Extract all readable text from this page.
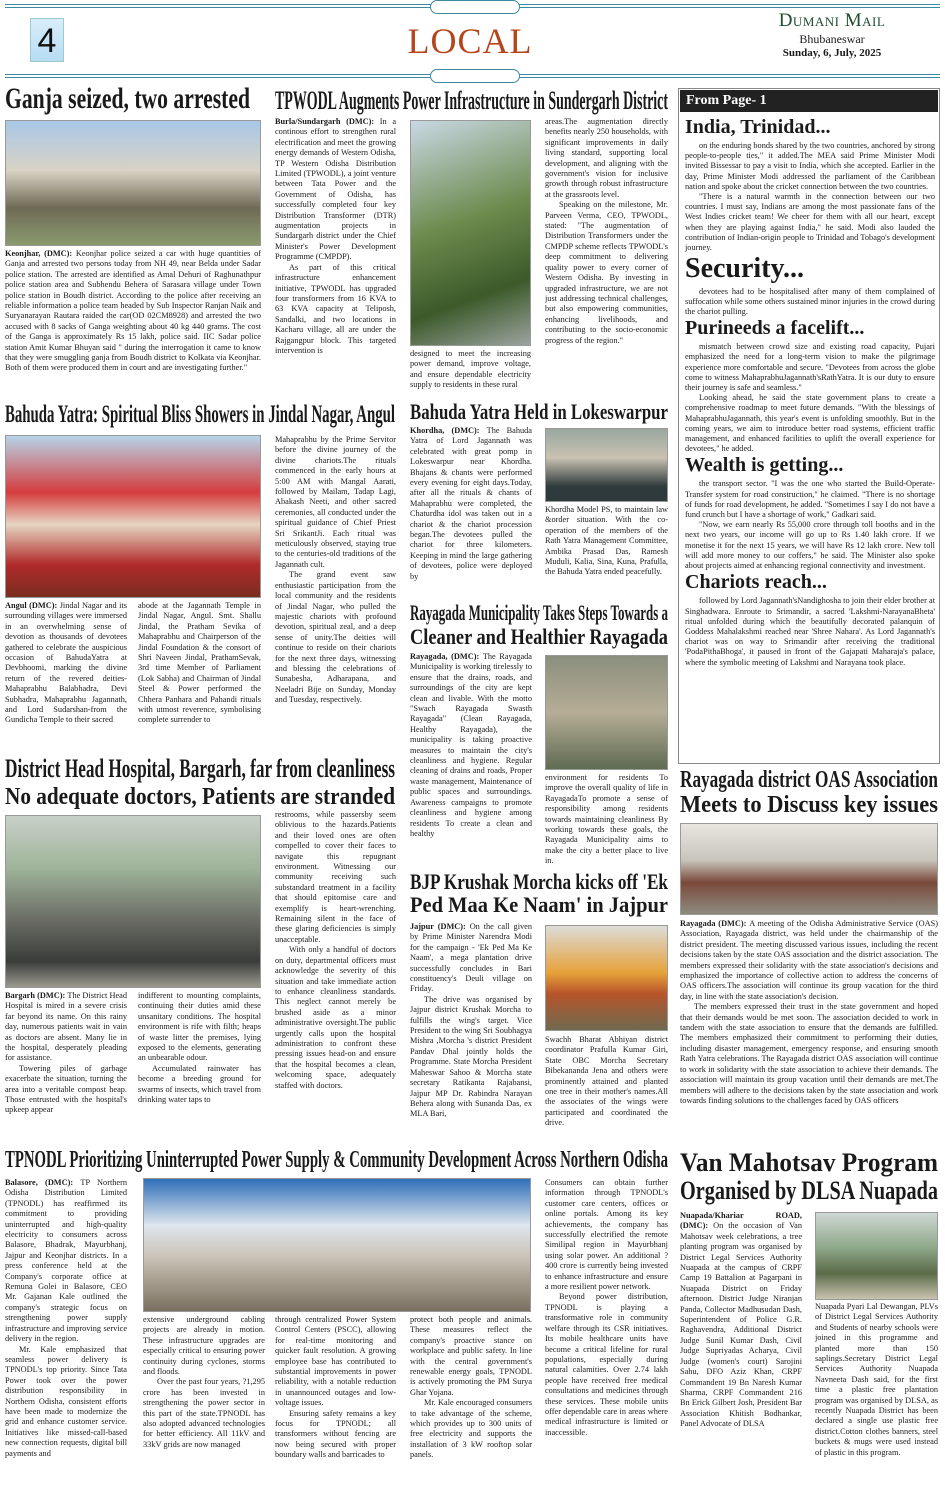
4	LOCAL
Dumani Mail
Bhubaneswar
Sunday, 6, July, 2025
Ganja seized, two arrested

Keonjhar, (DMC): Keonjhar police seized a car with huge quantities of Ganja and arrested two persons today from NH 49, near Belda under Sadar police station. The arrested are identified as Amal Dehuri of Raghunathpur police station area and Subhendu Behera of Sarasara village under Town police station in Boudh district. According to the police after receiving an reliable information a police team headed by Sub Inspector Ranjan Naik and Suryanarayan Rautara raided the car(OD 02CM8928) and arrested the two accused with 8 sacks of Ganga weighting about 40 kg 440 grams. The cost of the Ganga is approximately Rs 15 lakh, police said. IIC Sadar police station Amit Kumar Bhuyan said " during the interrogation it came to know that they were smuggling ganja from Boudh district to Kolkata via Keonjhar. Both of them were produced them in court and are investigating further."

TPWODL Augments Power Infrastructure in Sundergarh District

Burla/Sundargarh (DMC): In a continous effort to strengthen rural electrification and meet the growing energy demands of Western Odisha, TP Western Odisha Distribution Limited (TPWODL), a joint venture between Tata Power and the Government of Odisha, has successfully completed four key Distribution Transformer (DTR) augmentation projects in Sundargarh district under the Chief Minister's Power Development Programme (CMPDP).

As part of this critical infrastructure enhancement initiative, TPWODL has upgraded four transformers from 16 KVA to 63 KVA capacity at Teliposh, Sandalki, and two locations in Kacharu village, all are under the Rajgangpur block. This targeted intervention is	designed to meet the increasing power demand, improve voltage, and ensure dependable electricity supply to residents in these rural

areas.The augmentation directly benefits nearly 250 households, with significant improvements in daily living standard, supporting local development, and aligning with the government's vision for inclusive growth through robust infrastructure at the grassroots level.

Speaking on the milestone, Mr. Parveen Verma, CEO, TPWODL, stated: "The augmentation of Distribution Transformers under the CMPDP scheme reflects TPWODL's deep commitment to delivering quality power to every corner of Western Odisha. By investing in upgraded infrastructure, we are not just addressing technical challenges, but also empowering communities, enhancing livelihoods, and contributing to the socio-economic progress of the region."

From Page- 1
India, Trinidad...

on the enduring bonds shared by the two countries, anchored by strong people-to-people ties," it added.The MEA said Prime Minister Modi invited Bissessar to pay a visit to India, which she accepted. Earlier in the day, Prime Minister Modi addressed the parliament of the Caribbean nation and spoke about the cricket connection between the two countries.

"There is a natural warmth in the connection between our two countries. I must say, Indians are among the most passionate fans of the West Indies cricket team! We cheer for them with all our heart, except when they are playing against India," he said. Modi also lauded the contribution of Indian-origin people to Trinidad and Tobago's development journey.

Security...

devotees had to be hospitalised after many of them complained of suffocation while some others sustained minor injuries in the crowd during the chariot pulling.

Purineeds a facelift...

mismatch between crowd size and existing road capacity, Pujari emphasized the need for a long-term vision to make the pilgrimage experience more comfortable and secure. "Devotees from across the globe come to witness MahaprabhuJagannath'sRathYatra. It is our duty to ensure their journey is safe and seamless."

Looking ahead, he said the state government plans to create a comprehensive roadmap to meet future demands. "With the blessings of MahaprabhuJagannath, this year's event is unfolding smoothly. But in the coming years, we aim to introduce better road systems, efficient traffic management, and enhanced facilities to uplift the overall experience for devotees," he added.

Wealth is getting...

the transport sector. "I was the one who started the Build-Operate-Transfer system for road construction," he claimed. "There is no shortage of funds for road development, he added. "Sometimes I say I do not have a fund crunch but I have a shortage of work," Gadkari said.

"Now, we earn nearly Rs 55,000 crore through toll booths and in the next two years, our income will go up to Rs 1.40 lakh crore. If we monetise it for the next 15 years, we will have Rs 12 lakh crore. New toll will add more money to our coffers," he said. The Minister also spoke about projects aimed at enhancing regional connectivity and investment.

Chariots reach...

followed by Lord Jagannath'sNandighosha to join their elder brother at Singhadwara. Enroute to Srimandir, a sacred 'Lakshmi-NarayanaBheta' ritual unfolded during which the beautifully decorated palanquin of Goddess Mahalakshmi reached near 'Shree Nahara'. As Lord Jagannath's chariot was on way to Srimandir after receiving the traditional 'PodaPithaBhoga', it paused in front of the Gajapati Maharaja's palace, where the symbolic meeting of Lakshmi and Narayana took place.

Bahuda Yatra: Spiritual Bliss Showers in Jindal Nagar, Angul

Angul (DMC): Jindal Nagar and its surrounding villages were immersed in an overwhelming sense of devotion as thousands of devotees gathered to celebrate the auspicious occasion of BahudaYatra at Devbhoomi, marking the divine return of the revered deities-Mahaprabhu Balabhadra, Devi Subhadra, Mahaprabhu Jagannath, and Lord Sudarshan-from the Gundicha Temple to their sacred

abode at the Jagannath Temple in Jindal Nagar, Angul. Smt. Shallu Jindal, the Pratham Sevika of Mahaprabhu and Chairperson of the Jindal Foundation & the consort of Shri Naveen Jindal, PrathamSevak, 3rd time Member of Parliament (Lok Sabha) and Chairman of Jindal Steel & Power performed the Chhera Panhara and Pahandi rituals with utmost reverence, symbolising complete surrender to

Mahaprabhu by the Prime Servitor before the divine journey of the divine chariots.The rituals commenced in the early hours at 5:00 AM with Mangal Aarati, followed by Mailam, Tadap Lagi, Abakash Neeti, and other sacred ceremonies, all conducted under the spiritual guidance of Chief Priest Sri SrikantJi. Each ritual was meticulously observed, staying true to the centuries-old traditions of the Jagannath cult.

The grand event saw enthusiastic participation from the local community and the residents of Jindal Nagar, who pulled the majestic chariots with profound devotion, spiritual zeal, and a deep sense of unity.The deities will continue to reside on their chariots for the next three days, witnessing and blessing the celebrations of Sunabesha, Adharapana, and Neeladri Bije on Sunday, Monday and Tuesday, respectively.

Bahuda Yatra Held in Lokeswarpur

Khordha, (DMC): The Bahuda Yatra of Lord Jagannath was celebrated with great pomp in Lokeswarpur near Khordha. Bhajans & chants were performed every evening for eight days.Today, after all the rituals & chants of Mahaprabhu were completed, the Chaturdha idol was taken out in a chariot & the chariot procession began.The devotees pulled the chariot for three kilometers. Keeping in mind the large gathering of devotees, police were deployed by

Khordha Model PS, to maintain law &order situation. With the co-operation of the members of the Rath Yatra Management Committee, Ambika Prasad Das, Ramesh Muduli, Kalia, Sina, Kuna, Prafulla, the Bahuda Yatra ended peacefully.

Rayagada Municipality Takes Steps Towards a
Cleaner and Healthier Rayagada

Rayagada, (DMC): The Rayagada Municipality is working tirelessly to ensure that the drains, roads, and surroundings of the city are kept clean and livable. With the motto "Swach Rayagada Swasth Rayagada" (Clean Rayagada, Healthy Rayagada), the municipality is taking proactive measures to maintain the city's cleanliness and hygiene. Regular cleaning of drains and roads, Proper waste management, Maintenance of public spaces and surroundings. Awareness campaigns to promote cleanliness and hygiene among residents To create a clean and healthy

environment for residents To improve the overall quality of life in RayagadaTo promote a sense of responsibility among residents towards maintaining cleanliness By working towards these goals, the Rayagada Municipality aims to make the city a better place to live in.

District Head Hospital, Bargarh, far from cleanliness
No adequate doctors, Patients are stranded

Bargarh (DMC): The District Head Hospital is mired in a severe crisis far beyond its name. On this rainy day, numerous patients wait in vain as doctors are absent. Many lie in the hospital, desperately pleading for assistance.

Towering piles of garbage exacerbate the situation, turning the area into a veritable compost heap. Those entrusted with the hospital's upkeep appear

indifferent to mounting complaints, continuing their duties amid these unsanitary conditions. The hospital environment is rife with filth; heaps of waste litter the premises, lying exposed to the elements, generating an unbearable odour.

Accumulated rainwater has become a breeding ground for swarms of insects, which travel from drinking water taps to

restrooms, while passersby seem oblivious to the hazards.Patients and their loved ones are often compelled to cover their faces to navigate this repugnant environment. Witnessing our community receiving such substandard treatment in a facility that should epitomise care and exemplify is heart-wrenching. Remaining silent in the face of these glaring deficiencies is simply unacceptable.

With only a handful of doctors on duty, departmental officers must acknowledge the severity of this situation and take immediate action to enhance cleanliness standards. This neglect cannot merely be brushed aside as a minor administrative oversight.The public urgently calls upon the hospital administration to confront these pressing issues head-on and ensure that the hospital becomes a clean, welcoming space, adequately staffed with doctors.

BJP Krushak Morcha kicks off 'Ek
Ped Maa Ke Naam' in Jajpur

Jajpur (DMC): On the call given by Prime Minister Narendra Modi for the campaign - 'Ek Ped Ma Ke Naam', a mega plantation drive successfully concludes in Bari constituency's Deuli village on Friday.

The drive was organised by Jajpur district Krushak Morcha to fulfills the wing's target. Vice President to the wing Sri Soubhagya Mishra ,Morcha 's district President Pandav Dhal jointly holds the Programme. State Morcha President Maheswar Sahoo & Morcha state secretary Ratikanta Rajabansi, Jajpur MP Dr. Rabindra Narayan Behera along with Sunanda Das, ex MLA Bari,

Swachh Bharat Abhiyan district coordinator Prafulla Kumar Giri, State OBC Morcha Secretary Bibekananda Jena and others were prominently attained and planted one tree in their mother's names.All the associates of the wings were participated and coordinated the drive.

Rayagada district OAS Association
Meets to Discuss key issues

Rayagada (DMC): A meeting of the Odisha Administrative Service (OAS) Association, Rayagada district, was held under the chairmanship of the district president. The meeting discussed various issues, including the recent decisions taken by the state OAS association and the district association. The members expressed their solidarity with the state association's decisions and emphasized the importance of collective action to address the concerns of OAS officers.The association will continue its group vacation for the third day, in line with the state association's decision.

The members expressed their trust in the state government and hoped that their demands would be met soon. The association decided to work in tandem with the state association to ensure that the demands are fulfilled. The members emphasized their commitment to performing their duties, including disaster management, emergency response, and ensuring smooth Rath Yatra celebrations. The Rayagada district OAS association will continue to work in solidarity with the state association to achieve their demands. The association will maintain its group vacation until their demands are met.The members will adhere to the decisions taken by the state association and work towards finding solutions to the challenges faced by OAS officers

TPNODL Prioritizing Uninterrupted Power Supply & Community Development Across Northern Odisha

Balasore, (DMC): TP Northern Odisha Distribution Limited (TPNODL) has reaffirmed its commitment to providing uninterrupted and high-quality electricity to consumers across Balasore, Bhadrak, Mayurbhanj, Jajpur and Keonjhar districts. In a press conference held at the Company's corporate office at Remuna Golei in Balasore, CEO Mr. Gajanan Kale outlined the company's strategic focus on strengthening power supply infrastructure and improving service delivery in the region.

Mr. Kale emphasized that seamless power delivery is TPNODL's top priority. Since Tata Power took over the power distribution responsibility in Northern Odisha, consistent efforts have been made to modernize the grid and enhance customer service. Initiatives like missed-call-based new connection requests, digital bill payments and

extensive underground cabling projects are already in motion. These infrastructure upgrades are especially critical to ensuring power continuity during cyclones, storms and floods.

Over the past four years, ?1,295 crore has been invested in strengthening the power sector in this part of the state.TPNODL has also adopted advanced technologies for better efficiency. All 11kV and 33kV grids are now managed

through centralized Power System Control Centers (PSCC), allowing for real-time monitoring and quicker fault resolution. A growing employee base has contributed to substantial improvements in power reliability, with a notable reduction in unannounced outages and low-voltage issues.

Ensuring safety remains a key focus for TPNODL; all transformers without fencing are now being secured with proper boundary walls and barricades to

protect both people and animals. These measures reflect the company's proactive stance on workplace and public safety. In line with the central government's renewable energy goals, TPNODL is actively promoting the PM Surya Ghar Yojana.

Mr. Kale encouraged consumers to take advantage of the scheme, which provides up to 300 units of free electricity and supports the installation of 3 kW rooftop solar panels.

Consumers can obtain further information through TPNODL's customer care centers, offices or online portals. Among its key achievements, the company has successfully electrified the remote Similipal region in Mayurbhanj using solar power. An additional ?400 crore is currently being invested to enhance infrastructure and ensure a more resilient power network.

Beyond power distribution, TPNODL is playing a transformative role in community welfare through its CSR initiatives. Its mobile healthcare units have become a critical lifeline for rural populations, especially during natural calamities. Over 2.74 lakh people have received free medical consultations and medicines through these services. These mobile units offer dependable care in areas where medical infrastructure is limited or inaccessible.

Van Mahotsav Program
Organised by DLSA Nuapada

Nuapada/Khariar ROAD, (DMC): On the occasion of Van Mahotsav week celebrations, a tree planting program was organised by District Legal Services Authority Nuapada at the campus of CRPF Camp 19 Battalion at Pagarpani in Nuapada District on Friday afternoon. District Judge Niranjan Panda, Collector Madhusudan Dash, Superintendent of Police G.R. Raghavendra, Additional District Judge Sunil Kumar Dash, Civil Judge Supriyadas Acharya, Civil Judge (women's court) Sarojini Sahu, DFO Aziz Khan, CRPF Commandent 19 Bn Naresh Kumar Sharma, CRPF Commandent 216 Bn Erick Gilbert Josh, President Bar Association Khitish Bodhankar, Panel Advocate of DLSA

Nuapada Pyari Lal Dewangan, PLVs of District Legal Services Authority and Students of nearby schools were joined in this programme and planted more than 150 saplings.Secretary District Legal Services Authority Nuapada Navneeta Dash said, for the first time a plastic free plantation program was organised by DLSA, as recently Nuapada District has been declared a single use plastic free district.Cotton clothes banners, steel buckets & mugs were used instead of plastic in this program.
